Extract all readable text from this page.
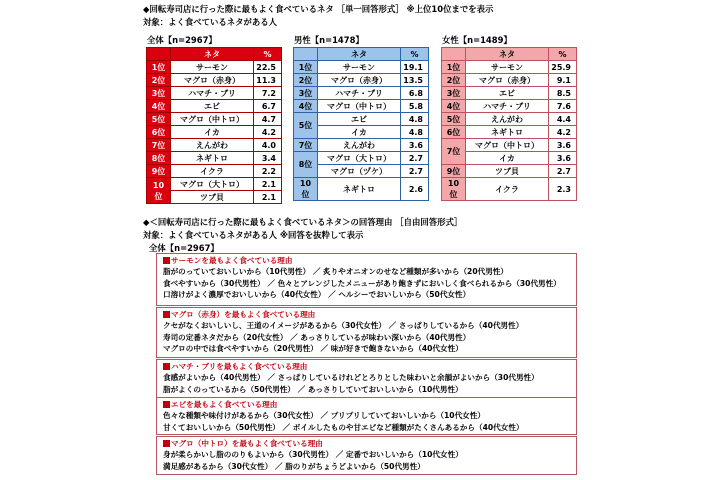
◆回転寿司店に行った際に最もよく食べているネタ ［単一回答形式］ ※上位10位までを表示
対象：よく食べているネタがある人
全体【n=2967】
	ネタ	%
1位	サーモン	22.5
2位	マグロ（赤身）	11.3
3位	ハマチ・ブリ	7.2
4位	エビ	6.7
5位	マグロ（中トロ）	4.7
6位	イカ	4.2
7位	えんがわ	4.0
8位	ネギトロ	3.4
9位	イクラ	2.2
10位	マグロ（大トロ）	2.1
	ツブ貝	2.1
男性【n=1478】
	ネタ	%
1位	サーモン	19.1
2位	マグロ（赤身）	13.5
3位	ハマチ・ブリ	6.8
4位	マグロ（中トロ）	5.8
5位	エビ	4.8
	イカ	4.8
7位	えんがわ	3.6
8位	マグロ（大トロ）	2.7
	マグロ（ヅケ）	2.7
10位	ネギトロ	2.6
女性【n=1489】
	ネタ	%
1位	サーモン	25.9
2位	マグロ（赤身）	9.1
3位	エビ	8.5
4位	ハマチ・ブリ	7.6
5位	えんがわ	4.4
6位	ネギトロ	4.2
7位	マグロ（中トロ）	3.6
	イカ	3.6
9位	ツブ貝	2.7
10位	イクラ	2.3
◆＜回転寿司店に行った際に最もよく食べているネタ＞の回答理由 ［自由回答形式］
対象：よく食べているネタがある人 ※回答を抜粋して表示
全体【n=2967】
サーモンを最もよく食べている理由
脂がのっていておいしいから（10代男性） ／ 炙りやオニオンのせなど種類が多いから（20代男性）
食べやすいから（30代男性） ／ 色々とアレンジしたメニューがあり飽きずにおいしく食べられるから（30代男性）
口溶けがよく濃厚でおいしいから（40代女性） ／ ヘルシーでおいしいから（50代女性）
マグロ（赤身）を最もよく食べている理由
クセがなくおいしいし、王道のイメージがあるから（30代女性） ／ さっぱりしているから（40代男性）
寿司の定番ネタだから（20代女性） ／ あっさりしているが味わい深いから（40代男性）
マグロの中では食べやすいから（20代男性） ／ 味が好きで飽きないから（40代女性）
ハマチ・ブリを最もよく食べている理由
食感がよいから（40代男性） ／ さっぱりしているけれどとろりとした味わいと余韻がよいから（30代男性）
脂がよくのっているから（50代男性） ／ あっさりしていておいしいから（10代男性）
エビを最もよく食べている理由
色々な種類や味付けがあるから（30代女性） ／ プリプリしていておいしいから（10代女性）
甘くておいしいから（50代男性） ／ ボイルしたものや甘エビなど種類がたくさんあるから（40代女性）
マグロ（中トロ）を最もよく食べている理由
身が柔らかいし脂ののりもよいから（30代男性） ／ 定番でおいしいから（10代女性）
満足感があるから（30代女性） ／ 脂のりがちょうどよいから（50代男性）
